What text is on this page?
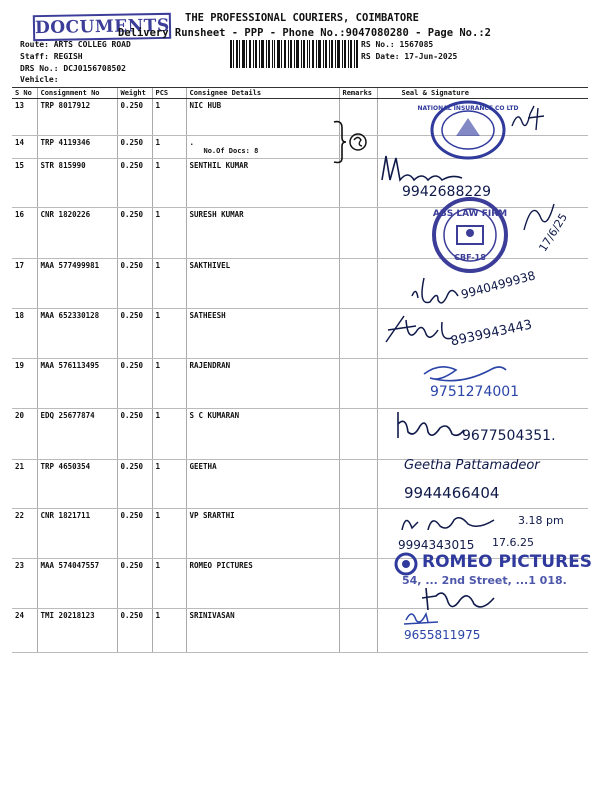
DOCUMENTS THE PROFESSIONAL COURIERS, COIMBATORE
Delivery Runsheet - PPP - Phone No.:9047080280 - Page No.:2
Route: ARTS COLLEG ROAD
Staff: REGISH
DRS No.: DCJ0156708502
Vehicle:
RS No.: 1567085
RS Date: 17-Jun-2025
S No	Consignment No	Weight	PCS	Consignee Details	Remarks	Seal & Signature
13	TRP 8017912	0.250	1	NIC HUB		
14	TRP 4119346	0.250	1	.
No.Of Docs: 8		

15	STR 815990	0.250	1	SENTHIL KUMAR		
16	CNR 1820226	0.250	1	SURESH KUMAR		
17	MAA 577499981	0.250	1	SAKTHIVEL		
18	MAA 652330128	0.250	1	SATHEESH		
19	MAA 576113495	0.250	1	RAJENDRAN		
20	EDQ 25677874	0.250	1	S C KUMARAN		
21	TRP 4650354	0.250	1	GEETHA		
22	CNR 1821711	0.250	1	VP SRARTHI		
23	MAA 574047557	0.250	1	ROMEO PICTURES		
24	TMI 20218123	0.250	1	SRINIVASAN		
NATIONAL INSURANCE CO LTD
9942688229
ABS LAW FIRM
CBF-18
17/6/25
9940499938
8939943443
9751274001
9677504351.
Geetha Pattamadeor
9944466404
3.18 pm
9994343015 17.6.25
ROMEO PICTURES
54, ... 2nd Street, ...1 018.
9655811975
